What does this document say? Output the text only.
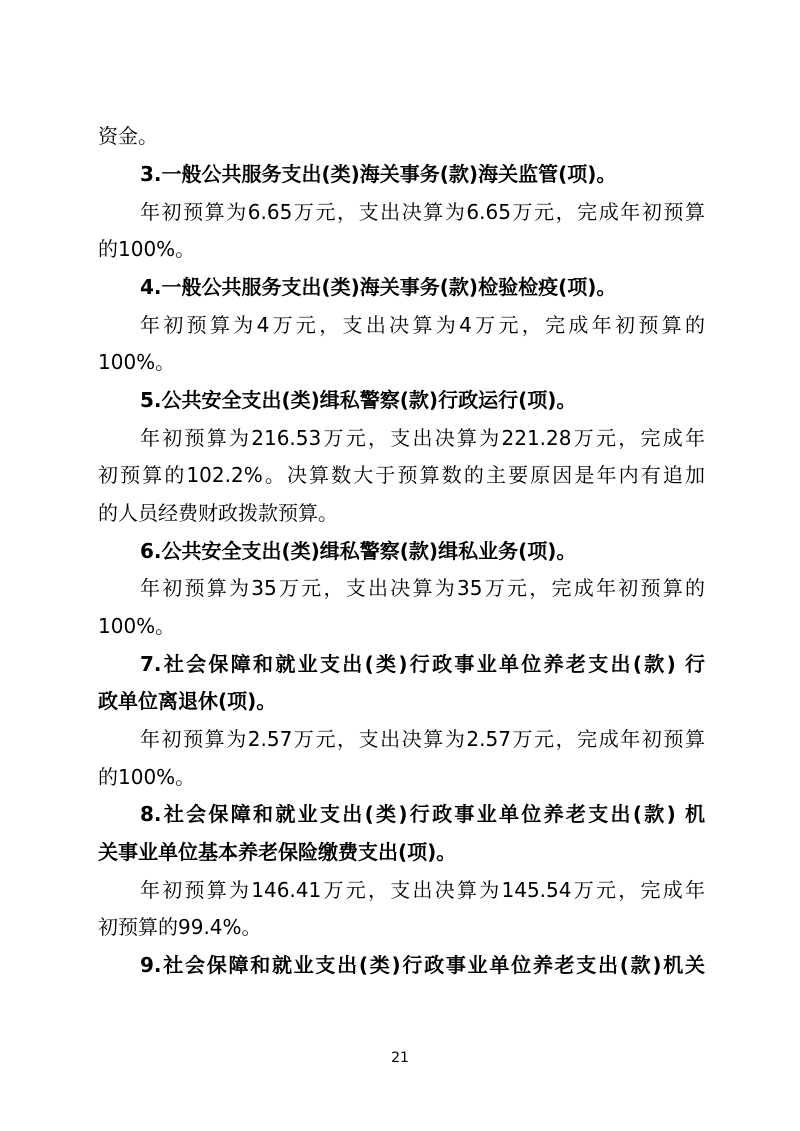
资金。
3.一般公共服务支出(类)海关事务(款)海关监管(项)。
年初预算为6.65万元，支出决算为6.65万元，完成年初预算
的100%。
4.一般公共服务支出(类)海关事务(款)检验检疫(项)。
年初预算为4万元，支出决算为4万元，完成年初预算的
100%。
5.公共安全支出(类)缉私警察(款)行政运行(项)。
年初预算为216.53万元，支出决算为221.28万元，完成年
初预算的102.2%。决算数大于预算数的主要原因是年内有追加
的人员经费财政拨款预算。
6.公共安全支出(类)缉私警察(款)缉私业务(项)。
年初预算为35万元，支出决算为35万元，完成年初预算的
100%。
7.社会保障和就业支出(类)行政事业单位养老支出(款) 行
政单位离退休(项)。
年初预算为2.57万元，支出决算为2.57万元，完成年初预算
的100%。
8.社会保障和就业支出(类)行政事业单位养老支出(款) 机
关事业单位基本养老保险缴费支出(项)。
年初预算为146.41万元，支出决算为145.54万元，完成年
初预算的99.4%。
9.社会保障和就业支出(类)行政事业单位养老支出(款)机关
21
